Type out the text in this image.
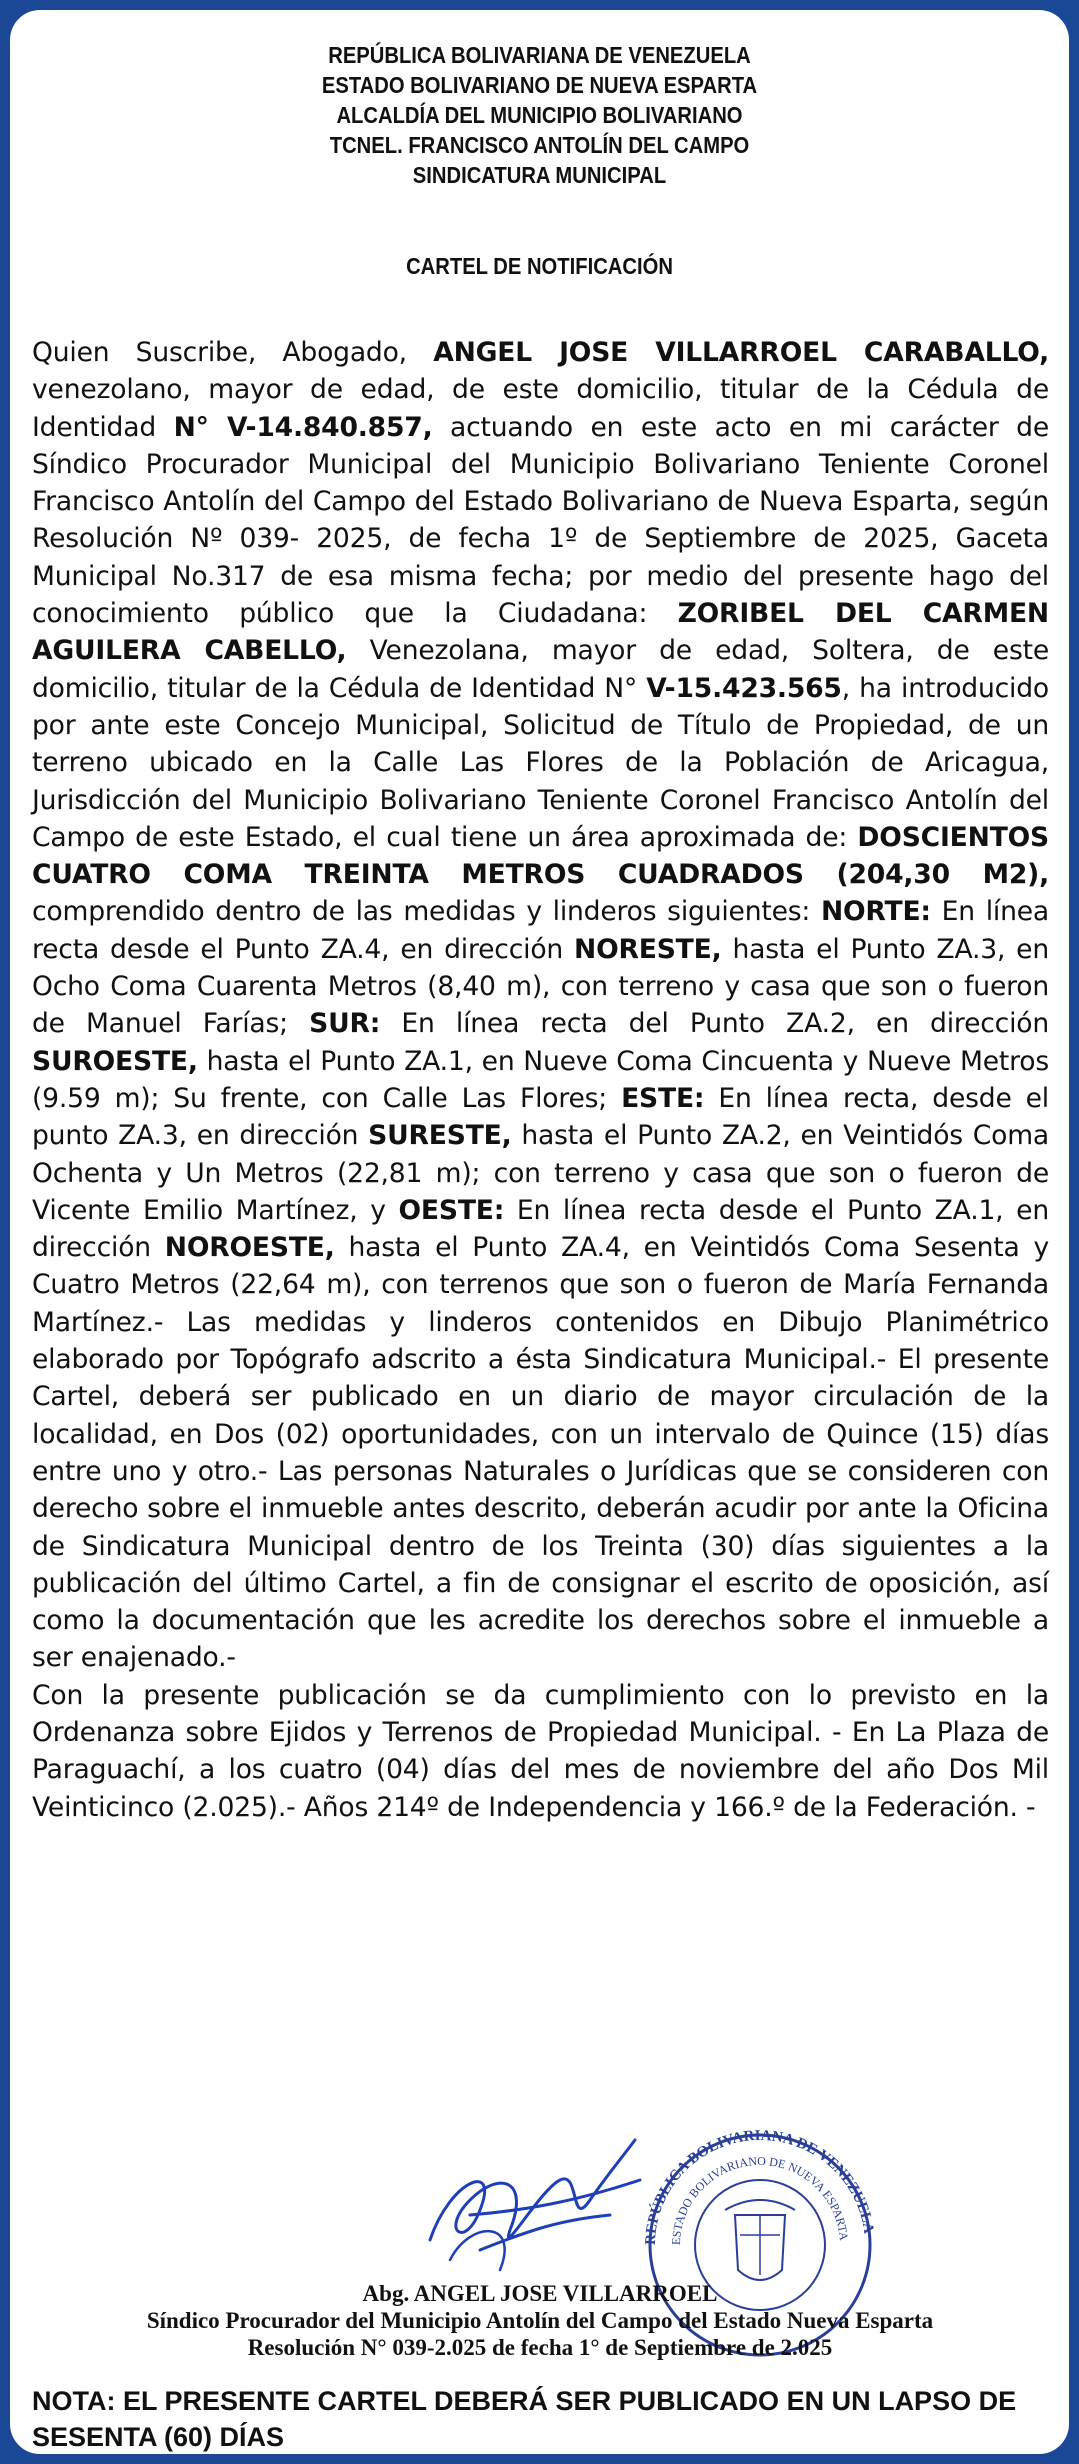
REPÚBLICA BOLIVARIANA DE VENEZUELA
ESTADO BOLIVARIANO DE NUEVA ESPARTA
ALCALDÍA DEL MUNICIPIO BOLIVARIANO
TCNEL. FRANCISCO ANTOLÍN DEL CAMPO
SINDICATURA MUNICIPAL
CARTEL DE NOTIFICACIÓN

Quien Suscribe, Abogado, ANGEL JOSE VILLARROEL CARABALLO, venezolano, mayor de edad, de este domicilio, titular de la Cédula de Identidad N° V-14.840.857, actuando en este acto en mi carácter de Síndico Procurador Municipal del Municipio Bolivariano Teniente Coronel Francisco Antolín del Campo del Estado Bolivariano de Nueva Esparta, según Resolución Nº 039- 2025, de fecha 1º de Septiembre de 2025, Gaceta Municipal No.317 de esa misma fecha; por medio del presente hago del conocimiento público que la Ciudadana: ZORIBEL DEL CARMEN AGUILERA CABELLO, Venezolana, mayor de edad, Soltera, de este domicilio, titular de la Cédula de Identidad N° V-15.423.565, ha introducido por ante este Concejo Municipal, Solicitud de Título de Propiedad, de un terreno ubicado en la Calle Las Flores de la Población de Aricagua, Jurisdicción del Municipio Bolivariano Teniente Coronel Francisco Antolín del Campo de este Estado, el cual tiene un área aproximada de: DOSCIENTOS CUATRO COMA TREINTA METROS CUADRADOS (204,30 M2), comprendido dentro de las medidas y linderos siguientes: NORTE: En línea recta desde el Punto ZA.4, en dirección NORESTE, hasta el Punto ZA.3, en Ocho Coma Cuarenta Metros (8,40 m), con terreno y casa que son o fueron de Manuel Farías; SUR: En línea recta del Punto ZA.2, en dirección SUROESTE, hasta el Punto ZA.1, en Nueve Coma Cincuenta y Nueve Metros (9.59 m); Su frente, con Calle Las Flores; ESTE: En línea recta, desde el punto ZA.3, en dirección SURESTE, hasta el Punto ZA.2, en Veintidós Coma Ochenta y Un Metros (22,81 m); con terreno y casa que son o fueron de Vicente Emilio Martínez, y OESTE: En línea recta desde el Punto ZA.1, en dirección NOROESTE, hasta el Punto ZA.4, en Veintidós Coma Sesenta y Cuatro Metros (22,64 m), con terrenos que son o fueron de María Fernanda Martínez.- Las medidas y linderos contenidos en Dibujo Planimétrico elaborado por Topógrafo adscrito a ésta Sindicatura Municipal.- El presente Cartel, deberá ser publicado en un diario de mayor circulación de la localidad, en Dos (02) oportunidades, con un intervalo de Quince (15) días entre uno y otro.- Las personas Naturales o Jurídicas que se consideren con derecho sobre el inmueble antes descrito, deberán acudir por ante la Oficina de Sindicatura Municipal dentro de los Treinta (30) días siguientes a la publicación del último Cartel, a fin de consignar el escrito de oposición, así como la documentación que les acredite los derechos sobre el inmueble a ser enajenado.-

Con la presente publicación se da cumplimiento con lo previsto en la Ordenanza sobre Ejidos y Terrenos de Propiedad Municipal. - En La Plaza de Paraguachí, a los cuatro (04) días del mes de noviembre del año Dos Mil Veinticinco (2.025).- Años 214º de Independencia y 166.º de la Federación. -

REPÚBLICA BOLIVARIANA DE VENEZUELA
ESTADO BOLIVARIANO DE NUEVA ESPARTA
Abg. ANGEL JOSE VILLARROEL
Síndico Procurador del Municipio Antolín del Campo del Estado Nueva Esparta
Resolución N° 039-2.025 de fecha 1° de Septiembre de 2.025
NOTA: EL PRESENTE CARTEL DEBERÁ SER PUBLICADO EN UN LAPSO DE SESENTA (60) DÍAS
